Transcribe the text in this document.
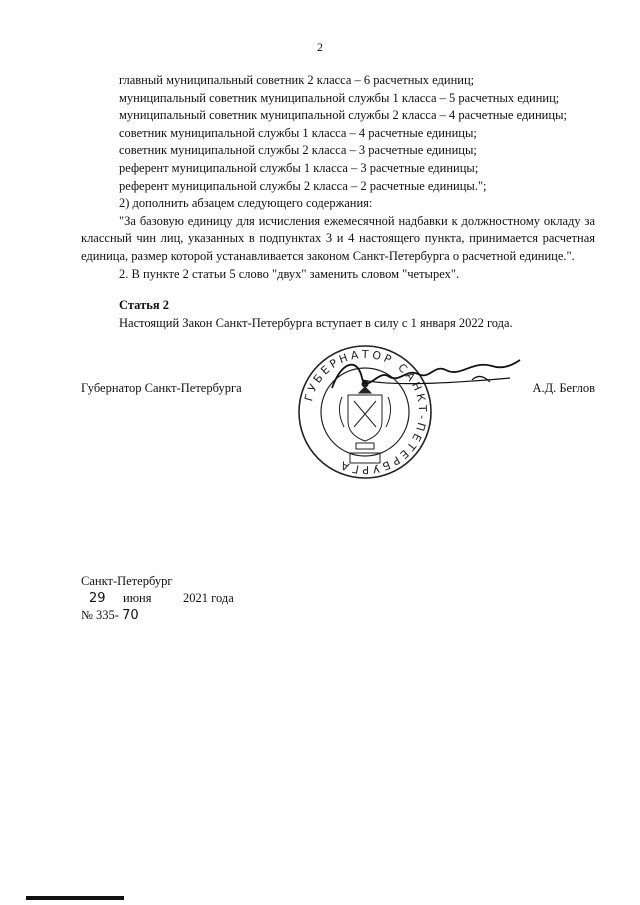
2

главный муниципальный советник 2 класса – 6 расчетных единиц;

муниципальный советник муниципальной службы 1 класса – 5 расчетных единиц;

муниципальный советник муниципальной службы 2 класса – 4 расчетные единицы;

советник муниципальной службы 1 класса – 4 расчетные единицы;

советник муниципальной службы 2 класса – 3 расчетные единицы;

референт муниципальной службы 1 класса – 3 расчетные единицы;

референт муниципальной службы 2 класса – 2 расчетные единицы.";

2) дополнить абзацем следующего содержания:

"За базовую единицу для исчисления ежемесячной надбавки к должностному окладу за классный чин лиц, указанных в подпунктах 3 и 4 настоящего пункта, принимается расчетная единица, размер которой устанавливается законом Санкт-Петербурга о расчетной единице.".

2. В пункте 2 статьи 5 слово "двух" заменить словом "четырех".

Статья 2

Настоящий Закон Санкт-Петербурга вступает в силу с 1 января 2022 года.

ГУБЕРНАТОР САНКТ-ПЕТЕРБУРГА
Губернатор Санкт-Петербурга	А.Д. Беглов
Санкт-Петербург
29 июня	2021 года
№ 335- 70
